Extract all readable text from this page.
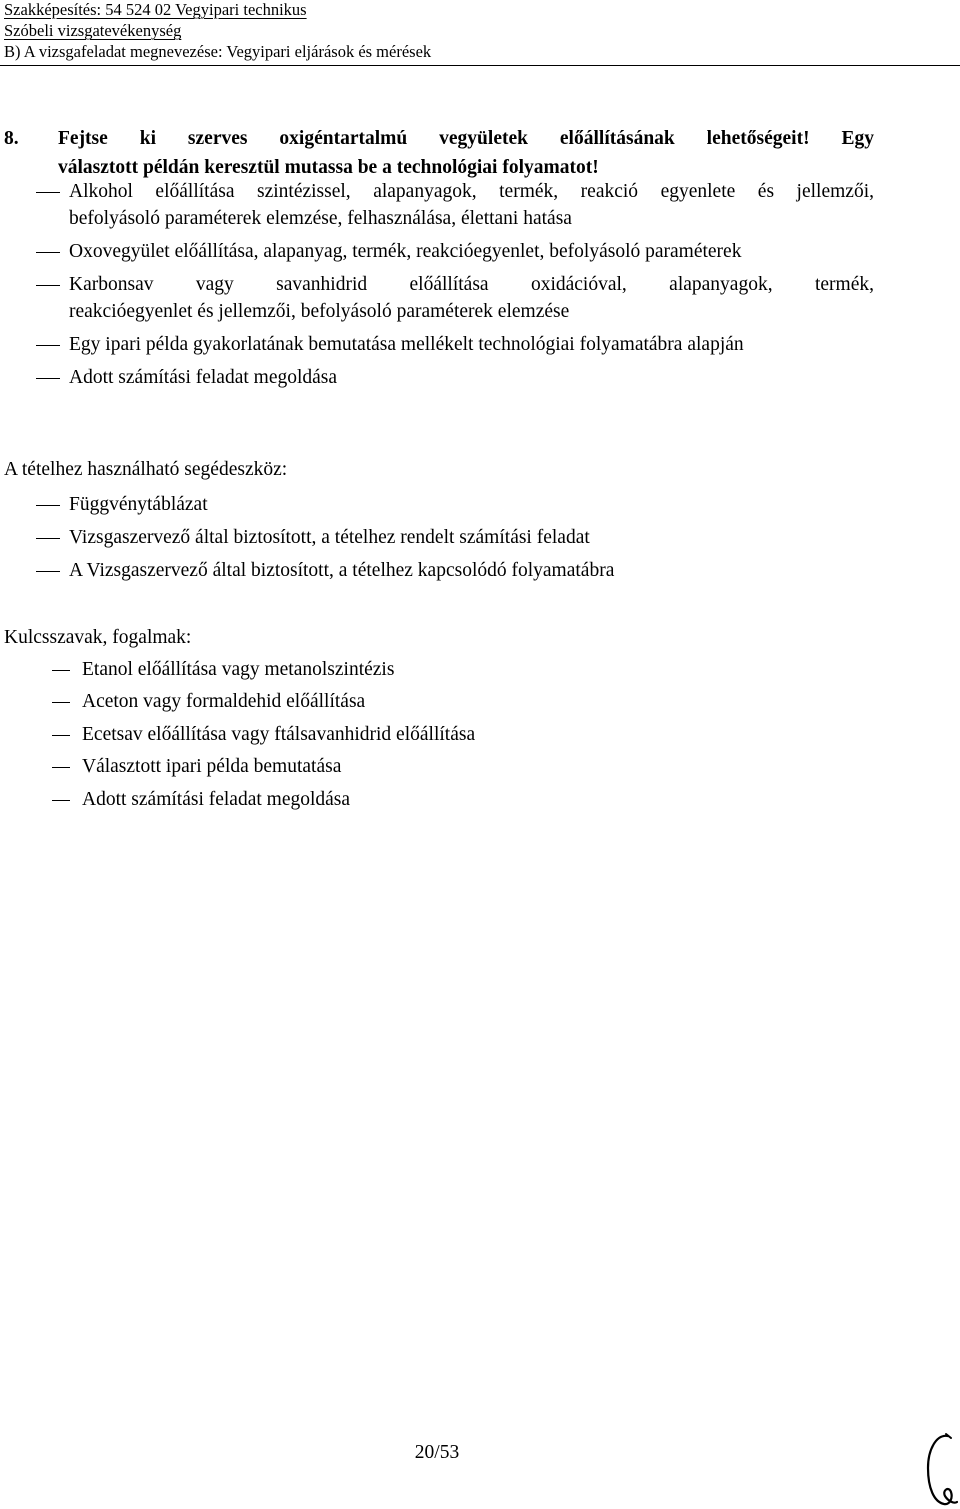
Szakképesítés: 54 524 02 Vegyipari technikus
Szóbeli vizsgatevékenység
B) A vizsgafeladat megnevezése: Vegyipari eljárások és mérések
8. Fejtse ki szerves oxigéntartalmú vegyületek előállításának lehetőségeit! Egy
választott példán keresztül mutassa be a technológiai folyamatot!
Alkohol előállítása szintézissel, alapanyagok, termék, reakció egyenlete és jellemzői,
befolyásoló paraméterek elemzése, felhasználása, élettani hatása
Oxovegyület előállítása, alapanyag, termék, reakcióegyenlet, befolyásoló paraméterek
Karbonsav vagy savanhidrid előállítása oxidációval, alapanyagok, termék,
reakcióegyenlet és jellemzői, befolyásoló paraméterek elemzése
Egy ipari példa gyakorlatának bemutatása mellékelt technológiai folyamatábra alapján
Adott számítási feladat megoldása
A tételhez használható segédeszköz:
Függvénytáblázat
Vizsgaszervező által biztosított, a tételhez rendelt számítási feladat
A Vizsgaszervező által biztosított, a tételhez kapcsolódó folyamatábra
Kulcsszavak, fogalmak:
Etanol előállítása vagy metanolszintézis
Aceton vagy formaldehid előállítása
Ecetsav előállítása vagy ftálsavanhidrid előállítása
Választott ipari példa bemutatása
Adott számítási feladat megoldása
20/53
